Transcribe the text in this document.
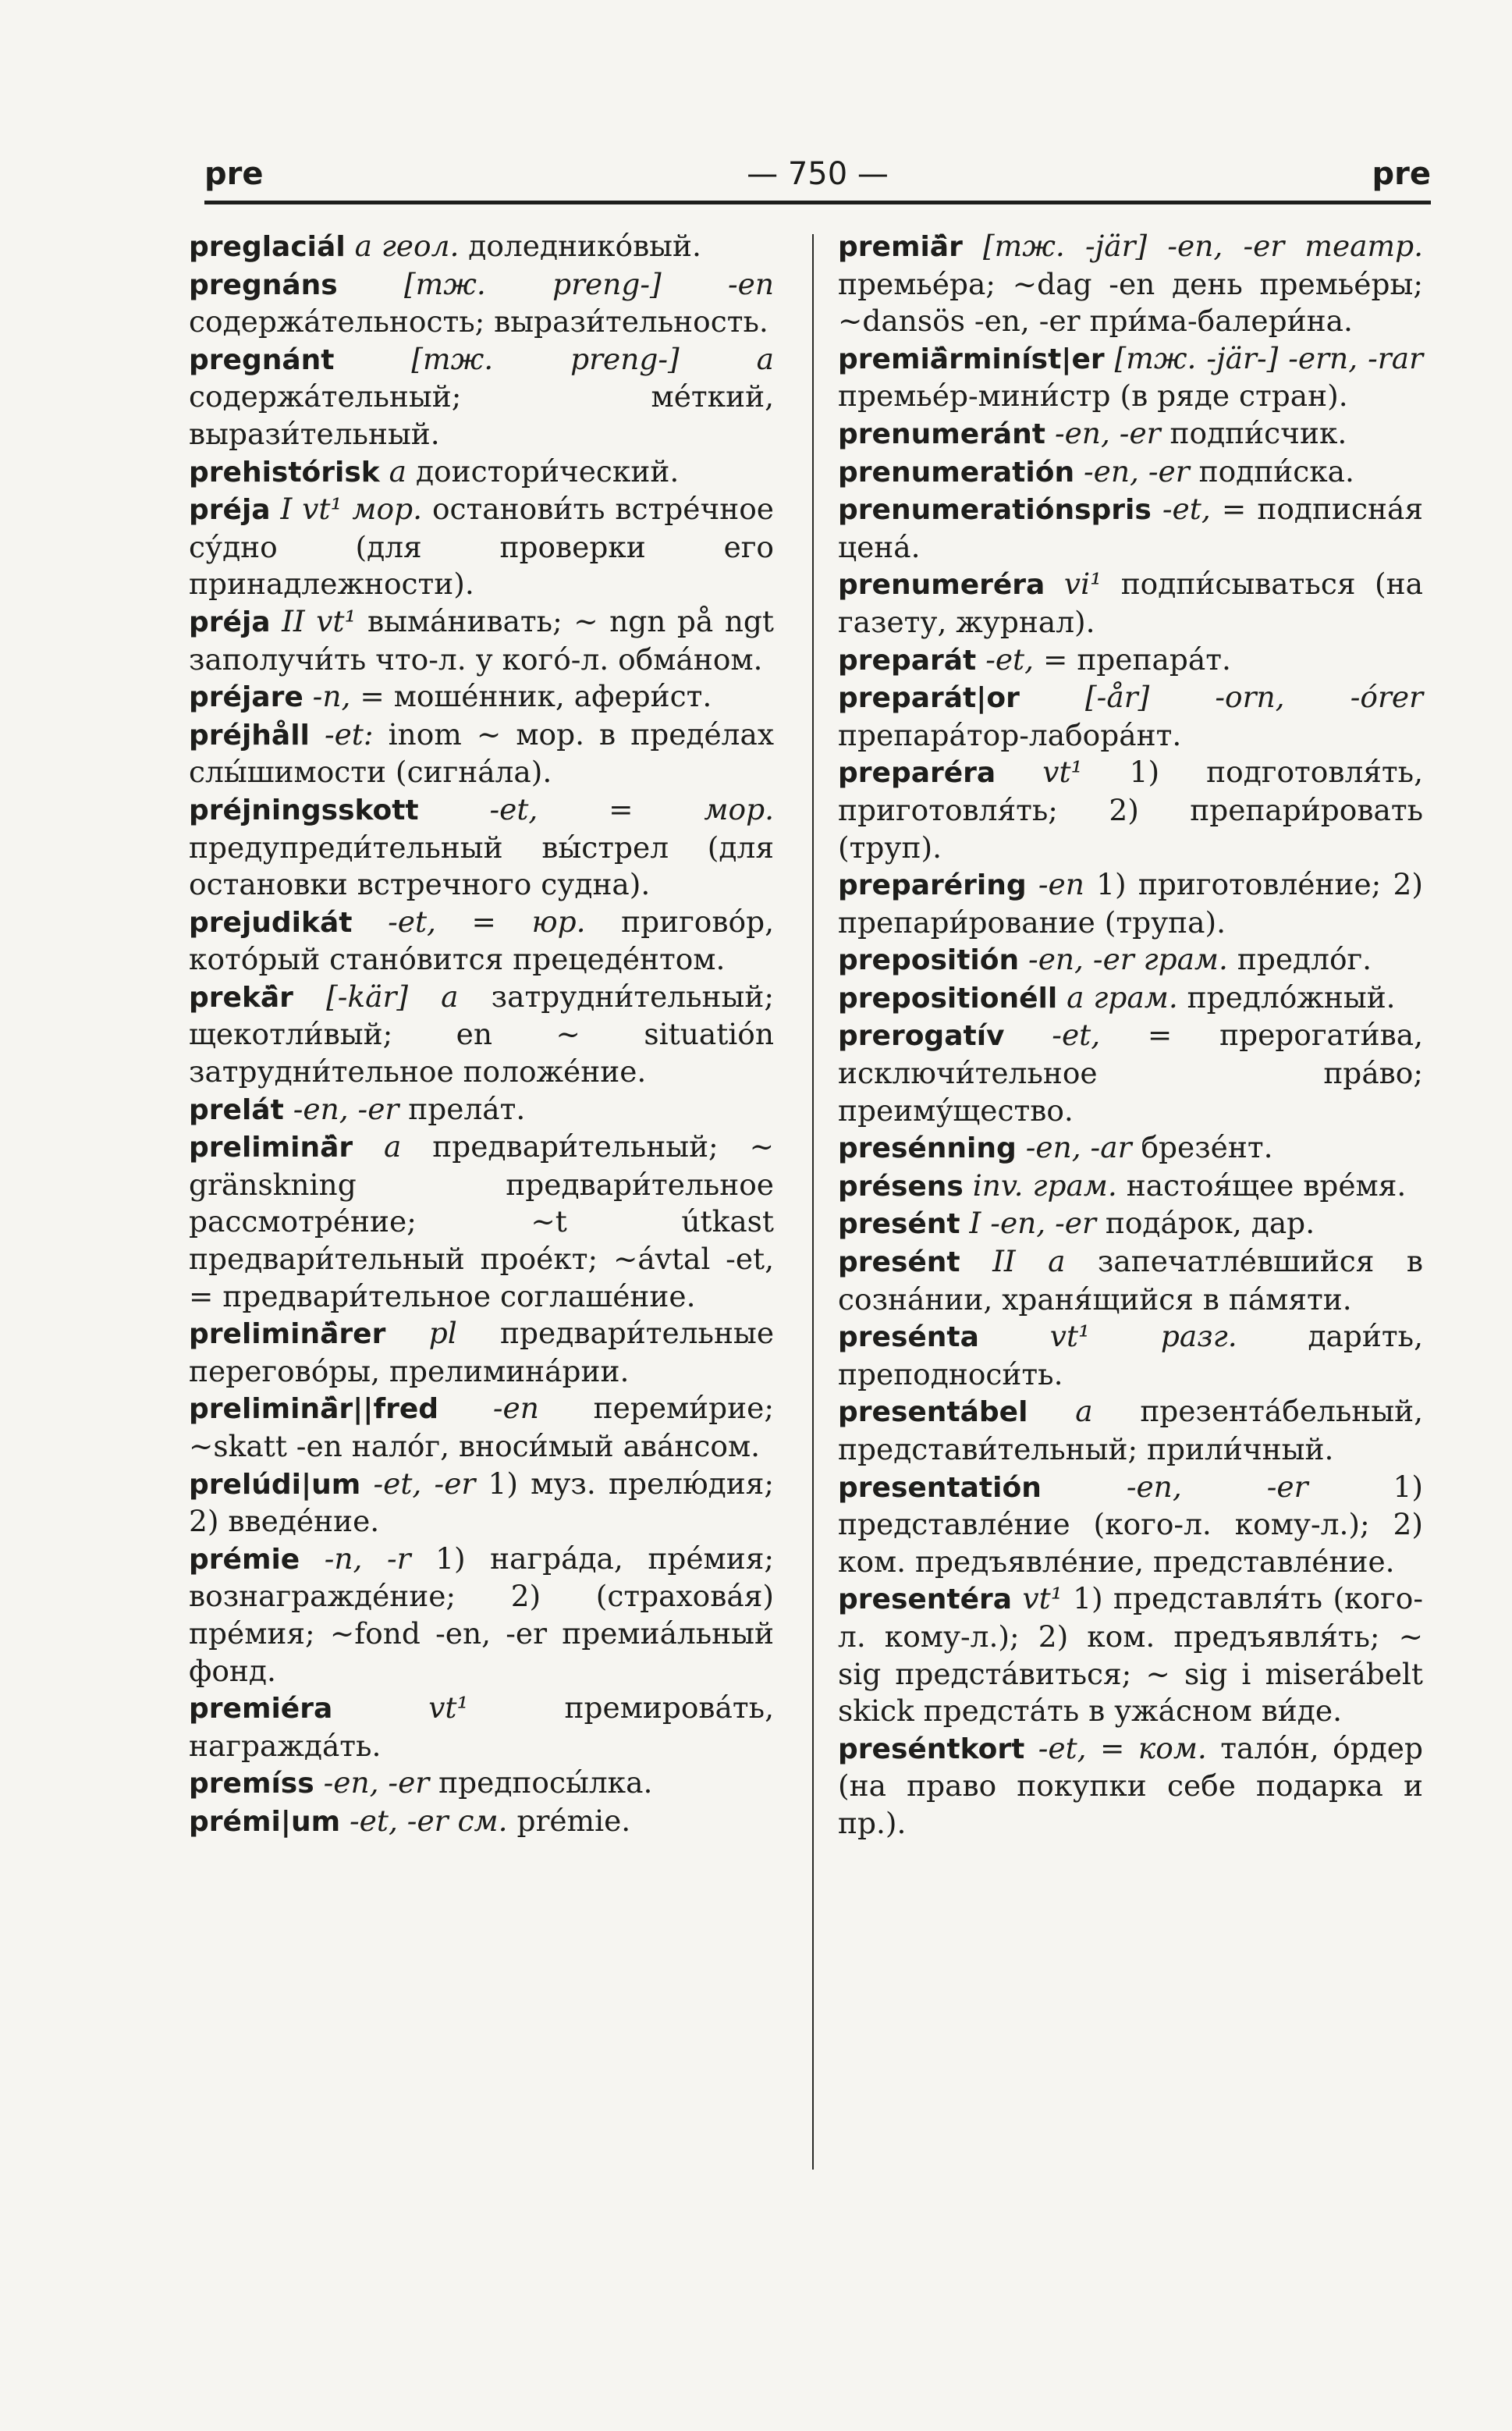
pre	— 750 —	pre

preglaciál a геол. доледнико́вый.

pregnáns [тж. preng-] -en содержа́тельность; вырази́тельность.

pregnánt	[тж. preng-] a содержа́тельный; ме́ткий, вырази́тельный.

prehistórisk a доистори́ческий.

préja I vt¹ мор. останови́ть встре́чное су́дно (для проверки его принадлежности).

préja II vt¹ выма́нивать; ~ ngn på ngt заполучи́ть что-л. у кого́-л. обма́ном.

préjare -n, = моше́нник, афери́ст.

préjhåll -et: inom ~ мор. в преде́лах слы́шимости (сигна́ла).

préjningsskott -et, = мор. предупреди́тельный вы́стрел (для остановки встречного судна).

prejudikát -et, = юр. пригово́р, кото́рый стано́вится прецеде́нтом.

prekä̂r [-kär] a затрудни́тельный; щекотли́вый; en ~ situatión затрудни́тельное положе́ние.

prelát -en, -er прела́т.

preliminä̂r a предвари́тельный; ~ gränskning предвари́тельное рассмотре́ние; ~t útkast предвари́тельный прое́кт; ~ávtal -et, = предвари́тельное соглаше́ние.

preliminä̂rer pl предвари́тельные перегово́ры, прелимина́рии.

preliminä̂r||fred -en переми́рие; ~skatt -en нало́г, вноси́мый ава́нсом.

prelúdi|um -et, -er 1) муз. прелю́дия; 2) введе́ние.

prémie -n, -r 1) награ́да, пре́мия; вознагражде́ние; 2) (страхова́я) пре́мия; ~fond -en, -er премиа́льный фонд.

premiéra	vt¹	премирова́ть, награжда́ть.

premíss -en, -er предпосы́лка.

prémi|um -et, -er см. prémie.

premiä̂r [тж. -jär] -en, -er театр. премье́ра; ~dag -en день премье́ры; ~dansös -en, -er при́ма-балери́на.

premiä̂rminíst|er [тж. -jär-] -ern, -rar премье́р-мини́стр (в ряде стран).

prenumeránt -en, -er подпи́счик.

prenumeratión -en, -er подпи́ска.

prenumeratiónspris -et, = подписна́я цена́.

prenumeréra vi¹ подпи́сываться (на газету, журнал).

preparát -et, = препара́т.

preparát|or [-år] -orn, -órer препара́тор-лабора́нт.

preparéra vt¹ 1) подготовля́ть, приготовля́ть; 2) препари́ровать (труп).

preparéring -en 1) приготовле́ние; 2) препари́рование (трупа).

prepositión -en, -er грам. предло́г.

prepositionéll a грам. предло́жный.

prerogatív -et, = прерогати́ва, исключи́тельное пра́во; преиму́щество.

presénning -en, -ar брезе́нт.

présens inv. грам. настоя́щее вре́мя.

presént I -en, -er пода́рок, дар.

presént II a запечатле́вшийся в созна́нии, храня́щийся в па́мяти.

presénta vt¹ разг. дари́ть, преподноси́ть.

presentábel a презента́бельный, представи́тельный; прили́чный.

presentatión	-en, -er	1) представле́ние (кого-л. кому-л.); 2) ком. предъявле́ние, представле́ние.

presentéra vt¹ 1) представля́ть (кого-л. кому-л.); 2) ком. предъявля́ть; ~ sig предста́виться; ~ sig i miserábelt skick предста́ть в ужа́сном ви́де.

preséntkort -et, = ком. тало́н, о́рдер (на право покупки себе подарка и пр.).
